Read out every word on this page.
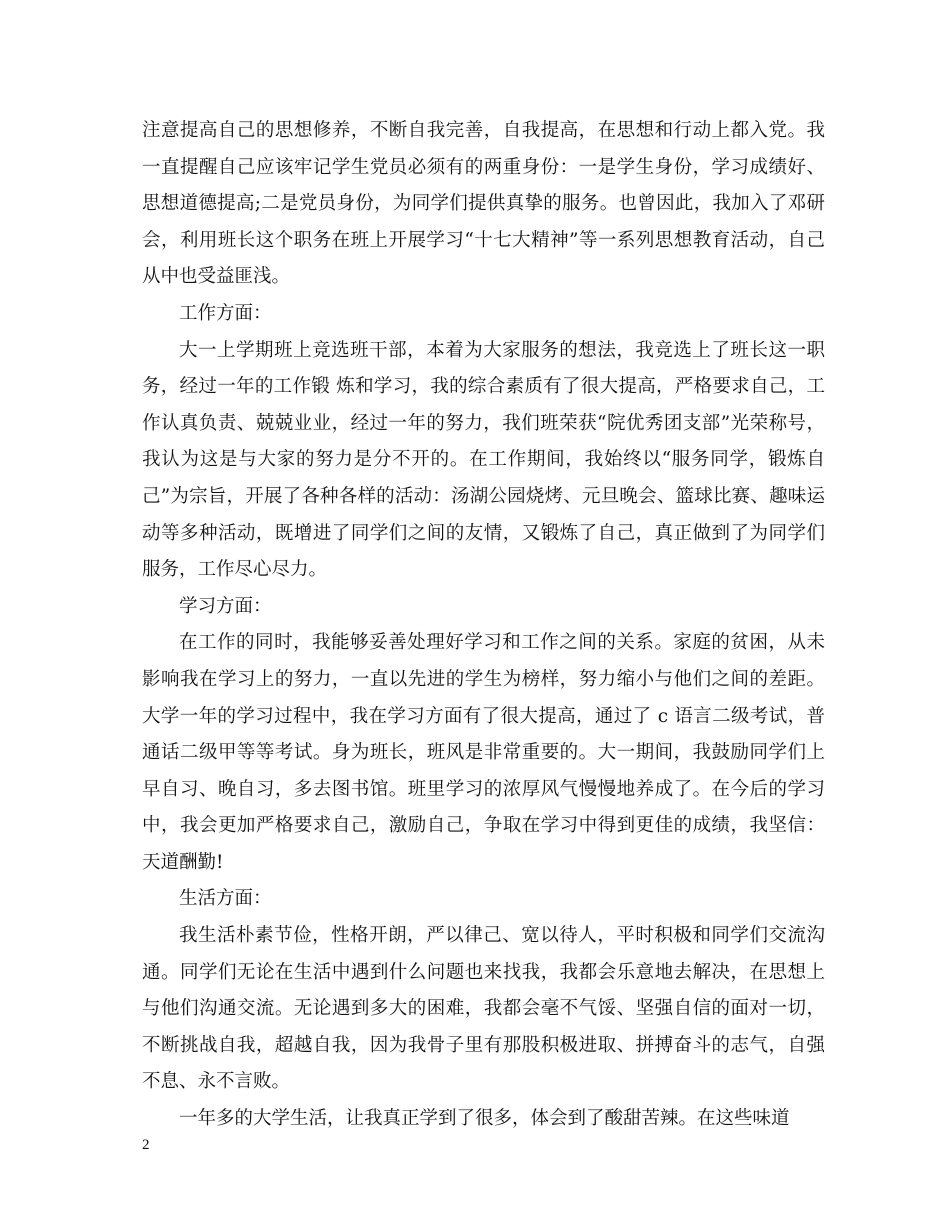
注意提高自己的思想修养，不断自我完善，自我提高，在思想和行动上都入党。我一直提醒自己应该牢记学生党员必须有的两重身份：一是学生身份，学习成绩好、思想道德提高;二是党员身份，为同学们提供真挚的服务。也曾因此，我加入了邓研会，利用班长这个职务在班上开展学习“十七大精神”等一系列思想教育活动，自己从中也受益匪浅。

工作方面：

大一上学期班上竞选班干部，本着为大家服务的想法，我竞选上了班长这一职务，经过一年的工作锻 炼和学习，我的综合素质有了很大提高，严格要求自己，工作认真负责、兢兢业业，经过一年的努力，我们班荣获“院优秀团支部”光荣称号，我认为这是与大家的努力是分不开的。在工作期间，我始终以“服务同学，锻炼自己”为宗旨，开展了各种各样的活动：汤湖公园烧烤、元旦晚会、篮球比赛、趣味运动等多种活动，既增进了同学们之间的友情，又锻炼了自己，真正做到了为同学们服务，工作尽心尽力。

学习方面：

在工作的同时，我能够妥善处理好学习和工作之间的关系。家庭的贫困，从未影响我在学习上的努力，一直以先进的学生为榜样，努力缩小与他们之间的差距。大学一年的学习过程中，我在学习方面有了很大提高，通过了 c 语言二级考试，普通话二级甲等等考试。身为班长，班风是非常重要的。大一期间，我鼓励同学们上早自习、晚自习，多去图书馆。班里学习的浓厚风气慢慢地养成了。在今后的学习中，我会更加严格要求自己，激励自己，争取在学习中得到更佳的成绩，我坚信：天道酬勤!

生活方面：

我生活朴素节俭，性格开朗，严以律己、宽以待人，平时积极和同学们交流沟通。同学们无论在生活中遇到什么问题也来找我，我都会乐意地去解决，在思想上与他们沟通交流。无论遇到多大的困难，我都会毫不气馁、坚强自信的面对一切，不断挑战自我，超越自我，因为我骨子里有那股积极进取、拼搏奋斗的志气，自强不息、永不言败。

一年多的大学生活，让我真正学到了很多，体会到了酸甜苦辣。在这些味道

2
